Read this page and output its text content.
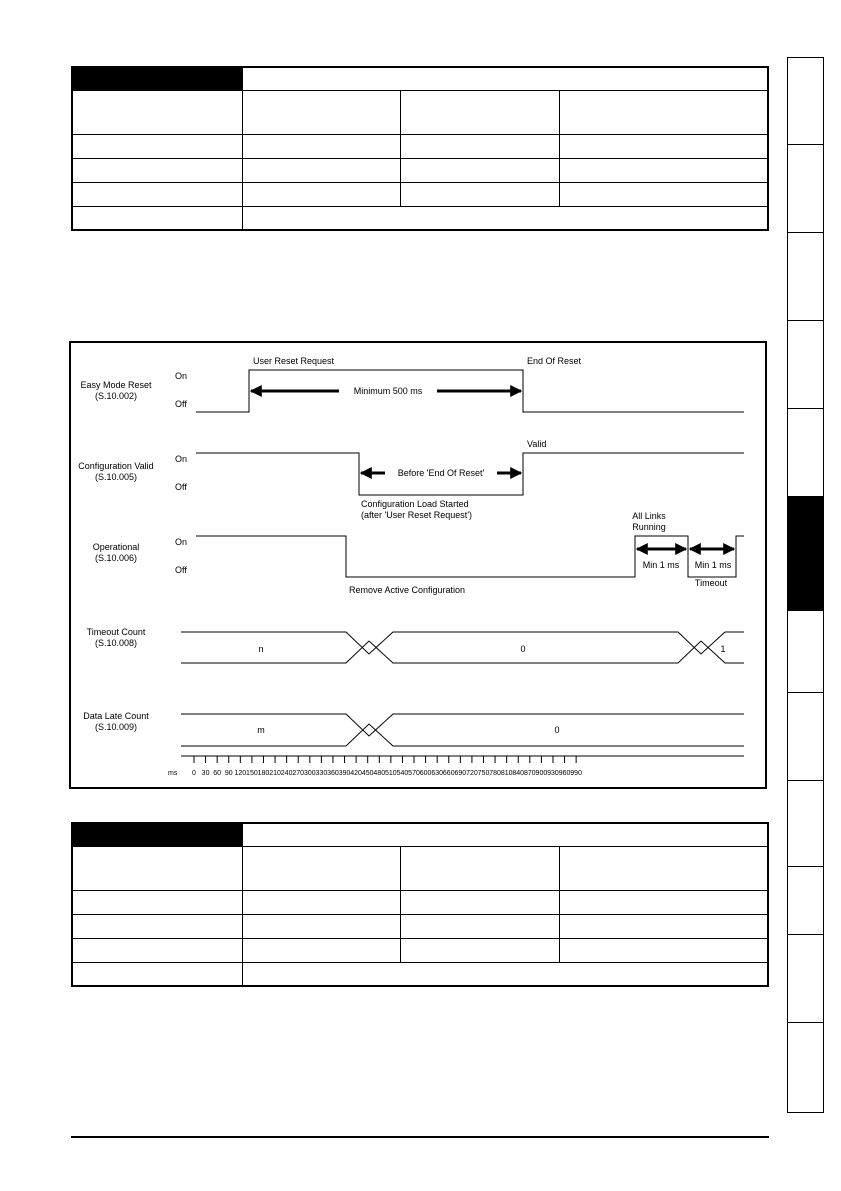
Easy Mode Reset
(S.10.002)
Configuration Valid
(S.10.005)
Operational
(S.10.006)
Timeout Count
(S.10.008)
Data Late Count
(S.10.009)
On
Off
On
Off
On
Off
0 30 60 90 120 150 180 210 240 270 300 330 360 390 420 450 480 510 540 570 600 630 660 690 720 750 780 810 840 870 900 930 960 990
ms
User Reset Request	End Of Reset
Minimum 500 ms
Valid
Before 'End Of Reset'
Configuration Load Started
(after 'User Reset Request')	All Links
Running
Min 1 ms Min 1 ms
Timeout
Remove Active Configuration
n	0	1
m	0
